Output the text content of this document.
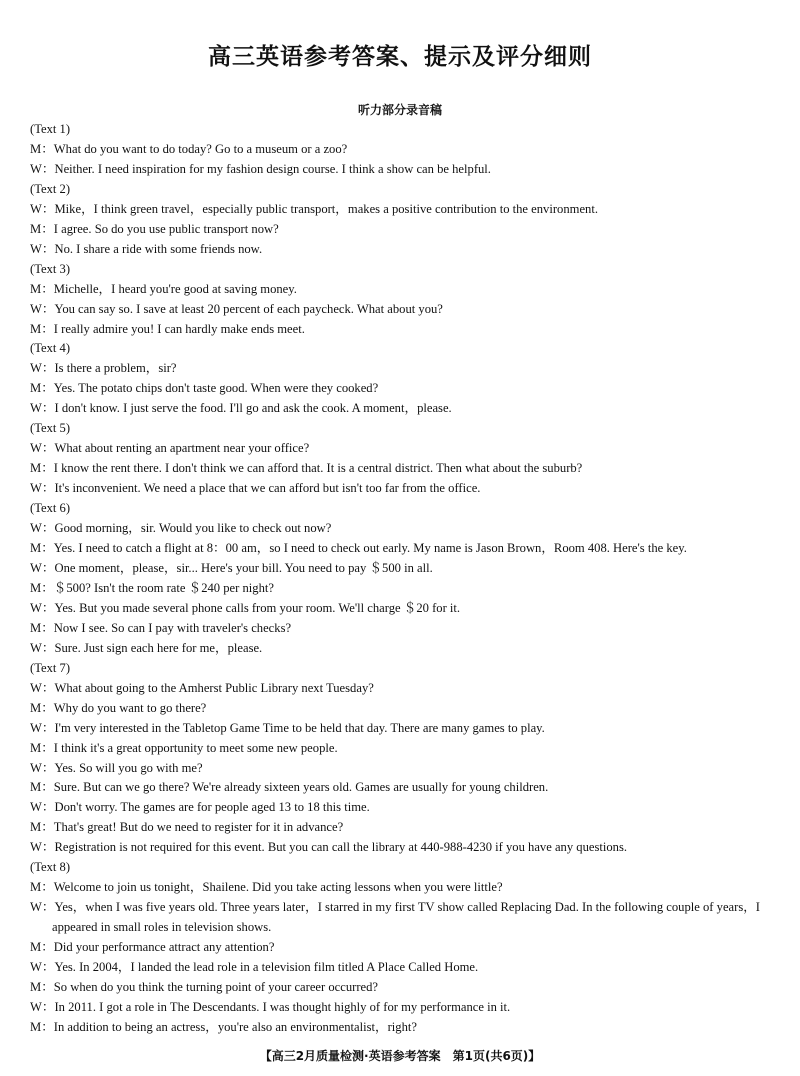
高三英语参考答案、提示及评分细则
听力部分录音稿
(Text 1)
M：What do you want to do today? Go to a museum or a zoo?
W：Neither. I need inspiration for my fashion design course. I think a show can be helpful.
(Text 2)
W：Mike，I think green travel，especially public transport，makes a positive contribution to the environment.
M：I agree. So do you use public transport now?
W：No. I share a ride with some friends now.
(Text 3)
M：Michelle，I heard you're good at saving money.
W：You can say so. I save at least 20 percent of each paycheck. What about you?
M：I really admire you! I can hardly make ends meet.
(Text 4)
W：Is there a problem，sir?
M：Yes. The potato chips don't taste good. When were they cooked?
W：I don't know. I just serve the food. I'll go and ask the cook. A moment，please.
(Text 5)
W：What about renting an apartment near your office?
M：I know the rent there. I don't think we can afford that. It is a central district. Then what about the suburb?
W：It's inconvenient. We need a place that we can afford but isn't too far from the office.
(Text 6)
W：Good morning，sir. Would you like to check out now?
M：Yes. I need to catch a flight at 8：00 am，so I need to check out early. My name is Jason Brown，Room 408. Here's the key.
W：One moment，please，sir... Here's your bill. You need to pay ＄500 in all.
M：＄500? Isn't the room rate ＄240 per night?
W：Yes. But you made several phone calls from your room. We'll charge ＄20 for it.
M：Now I see. So can I pay with traveler's checks?
W：Sure. Just sign each here for me，please.
(Text 7)
W：What about going to the Amherst Public Library next Tuesday?
M：Why do you want to go there?
W：I'm very interested in the Tabletop Game Time to be held that day. There are many games to play.
M：I think it's a great opportunity to meet some new people.
W：Yes. So will you go with me?
M：Sure. But can we go there? We're already sixteen years old. Games are usually for young children.
W：Don't worry. The games are for people aged 13 to 18 this time.
M：That's great! But do we need to register for it in advance?
W：Registration is not required for this event. But you can call the library at 440-988-4230 if you have any questions.
(Text 8)
M：Welcome to join us tonight，Shailene. Did you take acting lessons when you were little?
W：Yes，when I was five years old. Three years later，I starred in my first TV show called Replacing Dad. In the following couple of years，I appeared in small roles in television shows.
M：Did your performance attract any attention?
W：Yes. In 2004，I landed the lead role in a television film titled A Place Called Home.
M：So when do you think the turning point of your career occurred?
W：In 2011. I got a role in The Descendants. I was thought highly of for my performance in it.
M：In addition to being an actress，you're also an environmentalist，right?
【高三2月质量检测·英语参考答案　第1页(共6页)】
